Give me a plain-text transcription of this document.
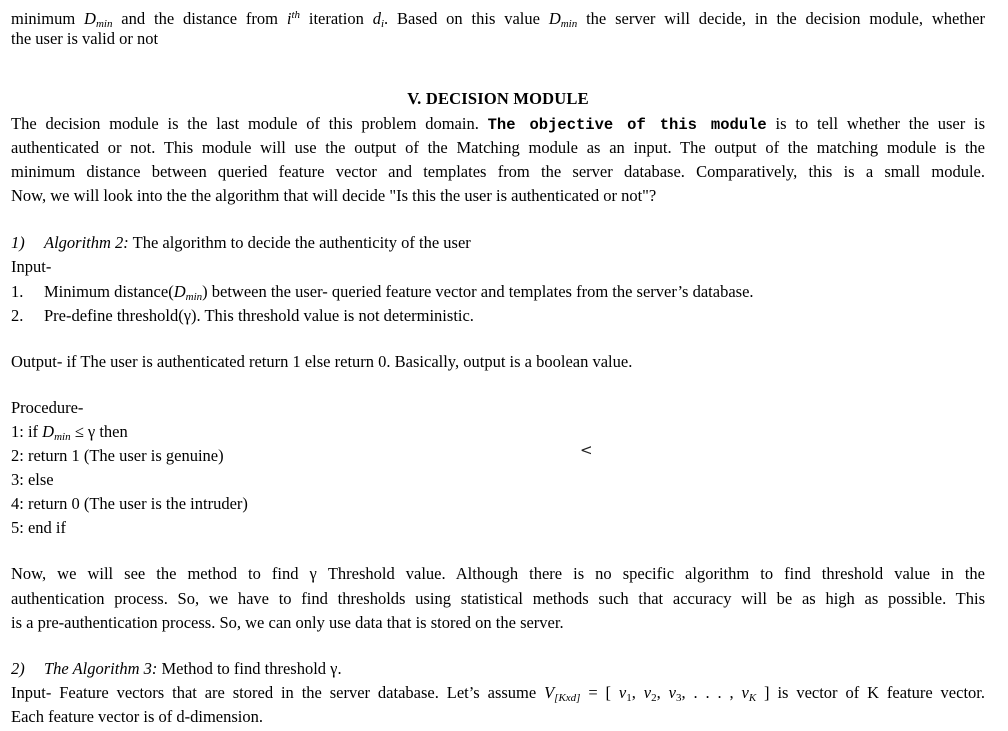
minimum $D_{min}$ and the distance from $i^{th}$ iteration $d_i$. Based on this value $D_{min}$ the server will decide, in the decision module, whether
the user is valid or not
V. DECISION MODULE
The decision module is the last module of this problem domain. The objective of this module is to tell whether the user is
authenticated or not. This module will use the output of the Matching module as an input. The output of the matching module is the
minimum distance between queried feature vector and templates from the server database. Comparatively, this is a small module.
Now, we will look into the the algorithm that will decide "Is this the user is authenticated or not"?
1) Algorithm 2: The algorithm to decide the authenticity of the user
Input-
1. Minimum $distance(D_{min})$ between the user- queried feature vector and templates from the server’s database.
2. Pre-define threshold(γ). This threshold value is not deterministic.
Output- if The user is authenticated return 1 else return 0. Basically, output is a boolean value.
Procedure-
1: if $D_{min} \le \gamma$ then
2: return 1 (The user is genuine)
3: else
4: return 0 (The user is the intruder)
5: end if
Now, we will see the method to find γ Threshold value. Although there is no specific algorithm to find threshold value in the
authentication process. So, we have to find thresholds using statistical methods such that accuracy will be as high as possible. This
is a pre-authentication process. So, we can only use data that is stored on the server.
2) The Algorithm 3: Method to find threshold γ.
Input- Feature vectors that are stored in the server database. Let’s assume $V_{[Kxd]}$ = [ $v_1$, $v_2$, $v_3$, . . . , $v_K$ ] is vector of K feature vector.
Each feature vector is of d-dimension.
<
